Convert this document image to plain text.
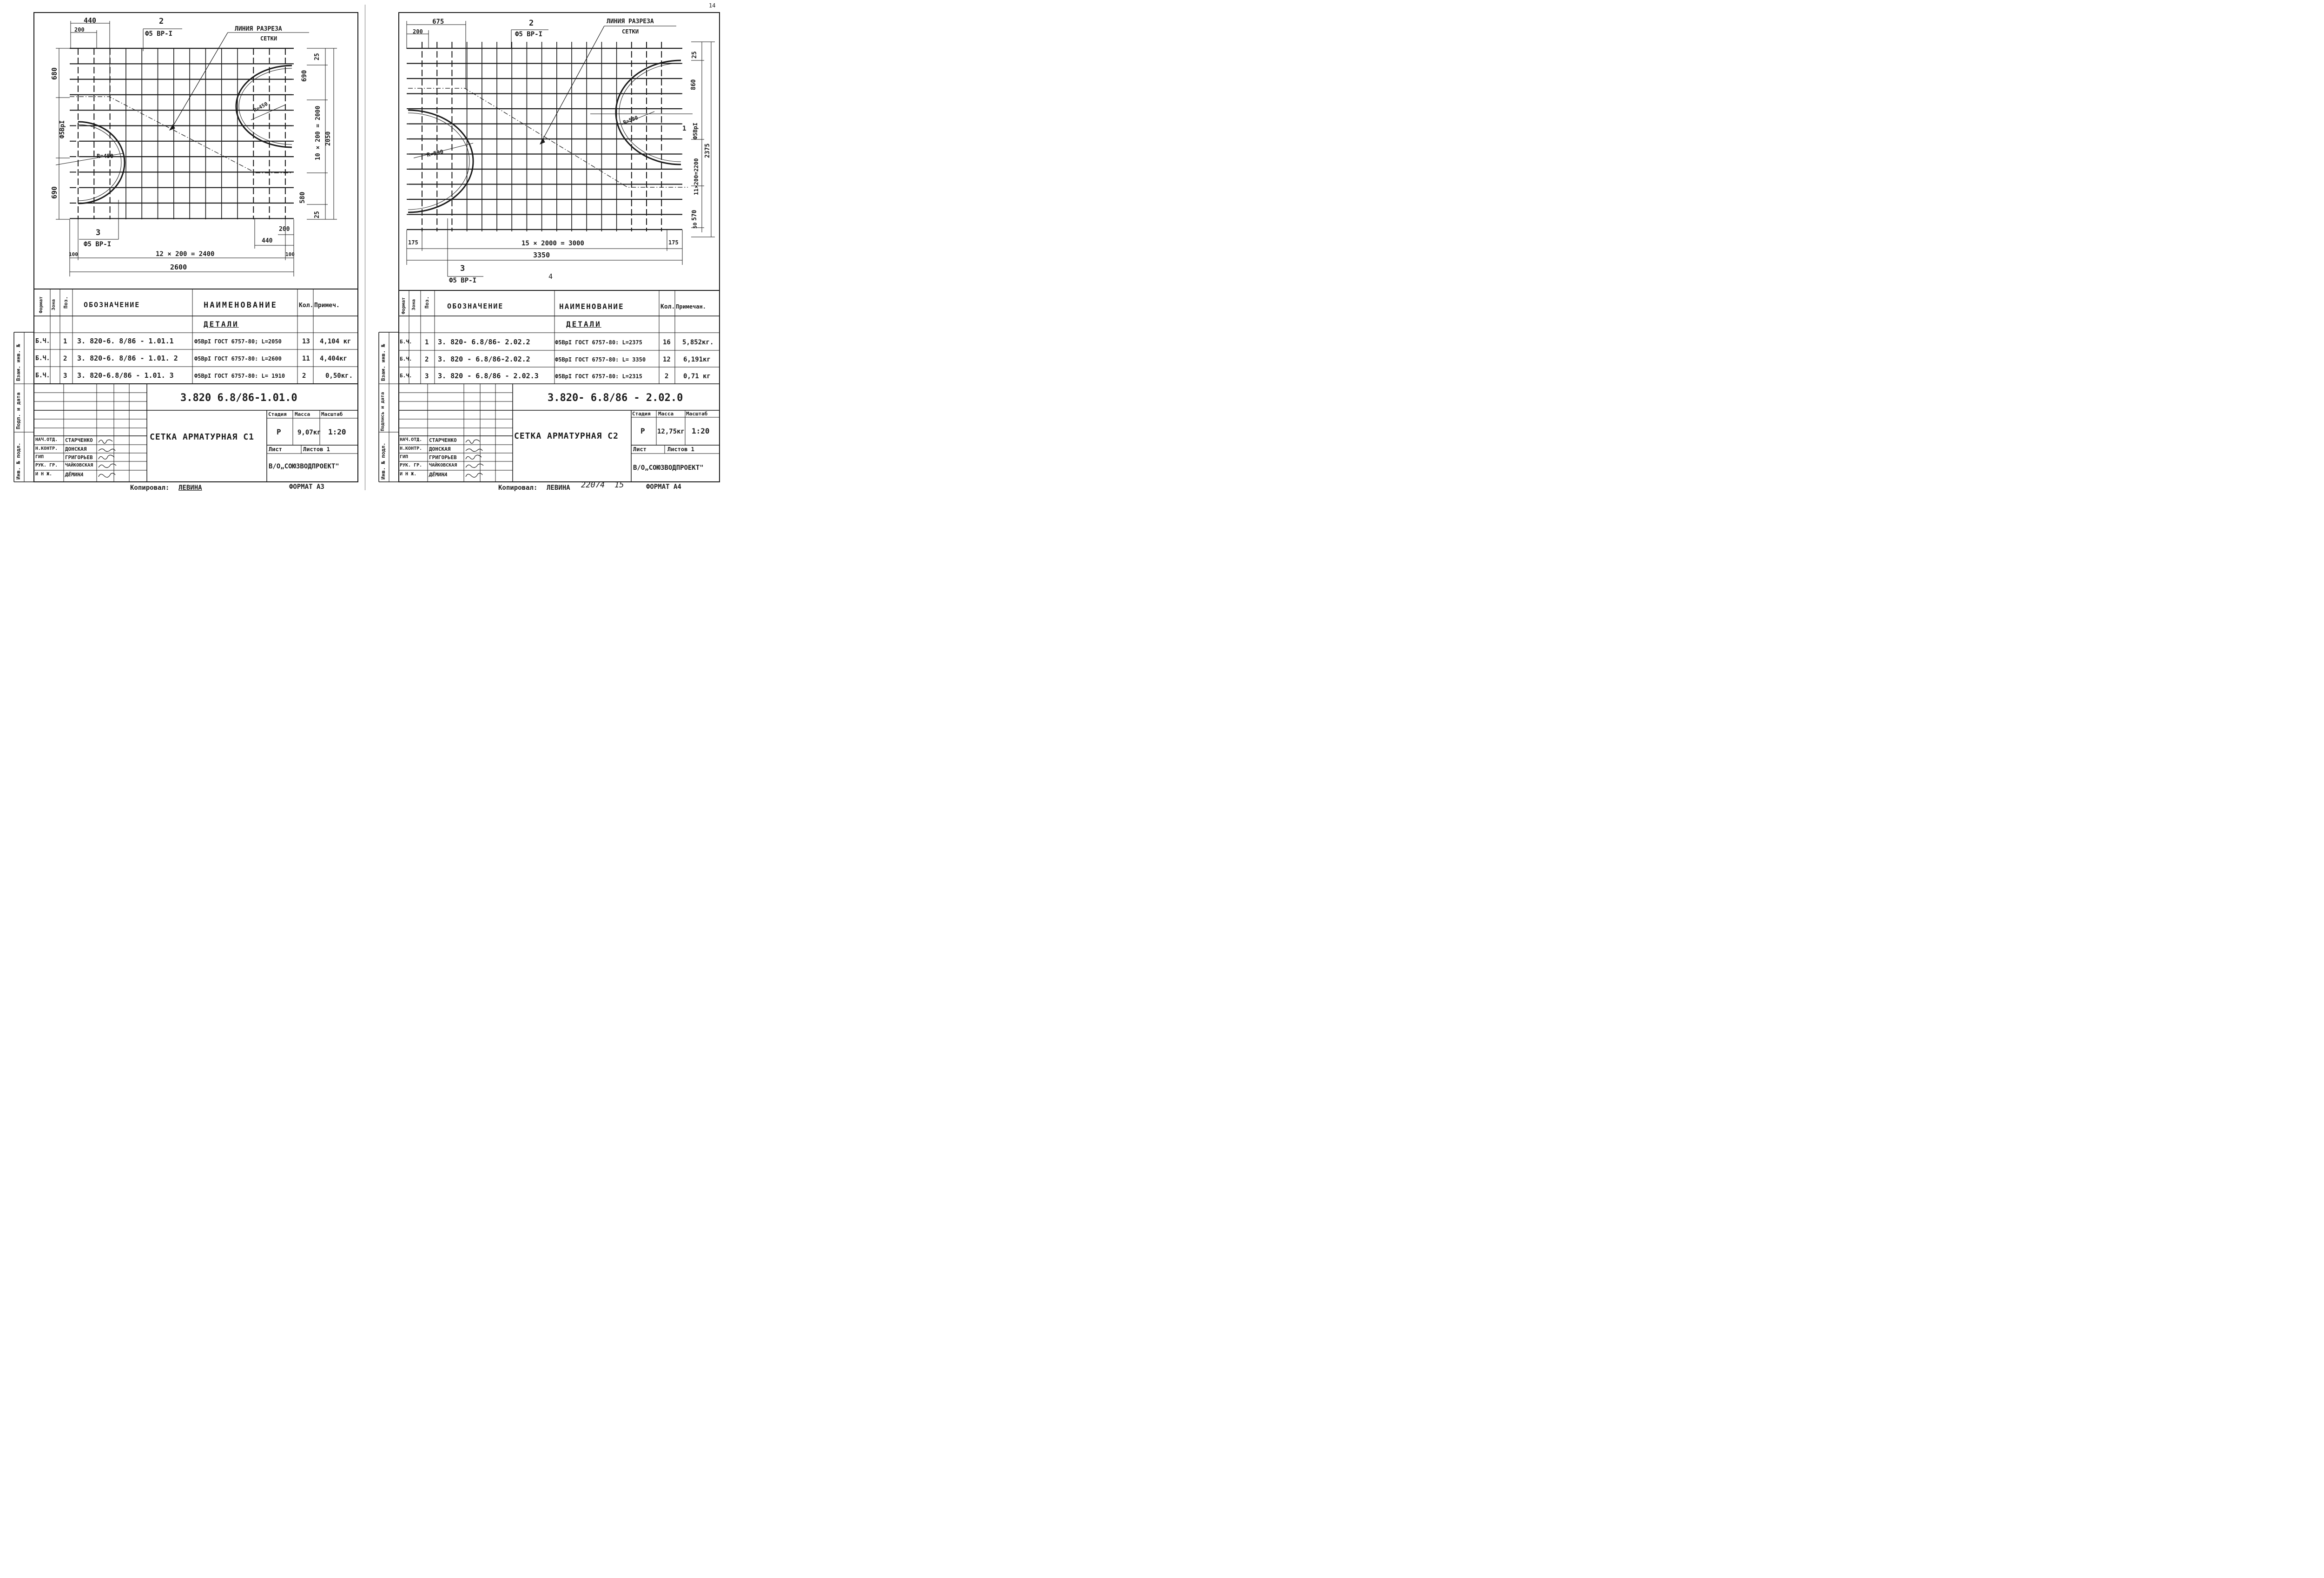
14
440
200
2
Ф5 ВР-I
ЛИНИЯ РАЗРЕЗА
СЕТКИ
680
Ф5ВрI
690
R=450
R=450
25
690
10 × 200 = 2000 2050
580
25
200
440
3
Ф5 ВР-I
100	12 × 200 = 2400	100
2600
Формат Зона Поз. ОБОЗНАЧЕНИЕ	НАИМЕНОВАНИЕ	Кол. Примеч.
ДЕТАЛИ
Б.Ч. 1 3. 820-6. 8/86 - 1.01.1	Ф5ВрI ГОСТ 6757-80; L=2050	13 4,104 кг
Б.Ч. 2 3. 820-6. 8/86 - 1.01. 2	Ф5ВрI ГОСТ 6757-80: L=2600	11 4,404кг
Б.Ч. 3 3. 820-6.8/86 - 1.01. 3	Ф5ВрI ГОСТ 6757-80: L= 1910	2	0,50кг.
3.820 6.8/86-1.01.0
СЕТКА АРМАТУРНАЯ С1
Стадия Масса Масштаб
Р	9,07кг 1:20
Лист	Листов 1
В/О„СОЮЗВОДПРОЕКТ"
НАЧ.ОТД.
Н.КОНТР.
ГИП
РУК. ГР.
И Н Ж.
СТАРЧЕНКО
ДОНСКАЯ
ГРИГОРЬЕВ
ЧАЙКОВСКАЯ
ДЁМИНА
Инв. № подл.
Подп. и дата
Взам. инв. №
Копировал: ЛЕВИНА	ФОРМАТ А3
675
200
2
Ф5 ВР-I
ЛИНИЯ РАЗРЕЗА
СЕТКИ
R=590
R=590
1
25
860
Ф5ВрI
11×200=2200
2375
570
50
175	15 × 2000 = 3000	175
3350
3
Ф5 ВР-I	4
Формат Зона Поз. ОБОЗНАЧЕНИЕ	НАИМЕНОВАНИЕ	Кол. Примечан.
ДЕТАЛИ
Б.Ч. 1 3. 820- 6.8/86- 2.02.2	Ф5ВрI ГОСТ 6757-80: L=2375	16 5,852кг.
Б.Ч. 2 3. 820 - 6.8/86-2.02.2	Ф5ВрI ГОСТ 6757-80: L= 3350	12 6,191кг
Б.Ч. 3 3. 820 - 6.8/86 - 2.02.3	Ф5ВрI ГОСТ 6757-80: L=2315	2 0,71 кг
3.820- 6.8/86 - 2.02.0
СЕТКА АРМАТУРНАЯ С2
Стадия Масса Масштаб
Р 12,75кг 1:20
Лист	Листов 1
В/О„СОЮЗВОДПРОЕКТ"
НАЧ.ОТД.
Н.КОНТР.
ГИП
РУК. ГР.
И Н Ж.
СТАРЧЕНКО
ДОНСКАЯ
ГРИГОРЬЕВ
ЧАЙКОВСКАЯ
ДЁМИНА
Инв. № подл.
Подпись и дата
Взам. инв. №
Копировал: ЛЕВИНА 22074 15	ФОРМАТ А4
